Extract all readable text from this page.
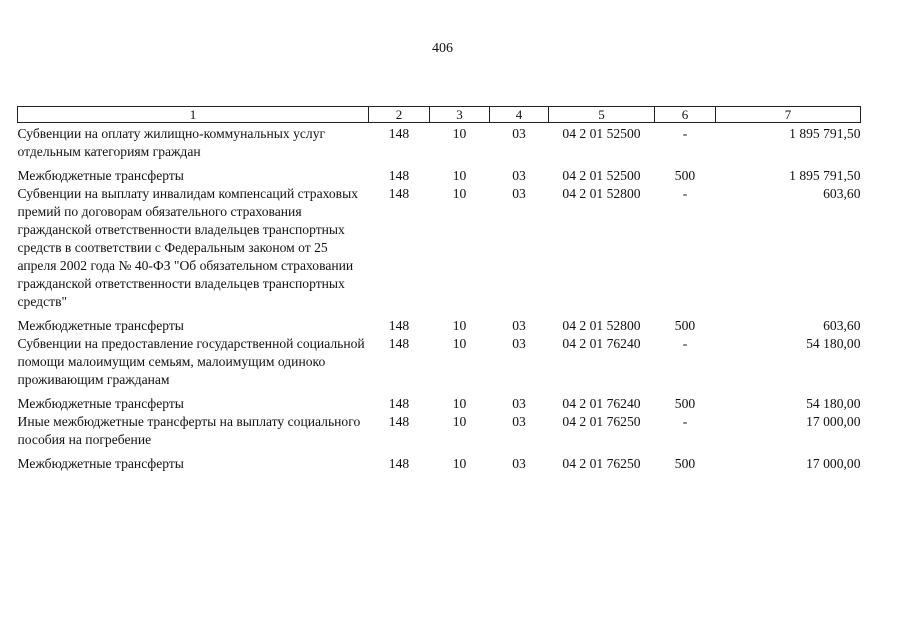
406
1	2	3	4	5	6	7
Субвенции на оплату жилищно-коммунальных услуг отдельным категориям граждан	148	10	03	04 2 01 52500	-	1 895 791,50
Межбюджетные трансферты	148	10	03	04 2 01 52500	500	1 895 791,50
Субвенции на выплату инвалидам компенсаций страховых премий по договорам обязательного страхования гражданской ответственности владельцев транспортных средств в соответствии с Федеральным законом от 25 апреля 2002 года № 40-ФЗ "Об обязательном страховании гражданской ответственности владельцев транспортных средств"	148	10	03	04 2 01 52800	-	603,60
Межбюджетные трансферты	148	10	03	04 2 01 52800	500	603,60
Субвенции на предоставление государственной социальной помощи малоимущим семьям, малоимущим одиноко проживающим гражданам	148	10	03	04 2 01 76240	-	54 180,00
Межбюджетные трансферты	148	10	03	04 2 01 76240	500	54 180,00
Иные межбюджетные трансферты на выплату социального пособия на погребение	148	10	03	04 2 01 76250	-	17 000,00
Межбюджетные трансферты	148	10	03	04 2 01 76250	500	17 000,00
